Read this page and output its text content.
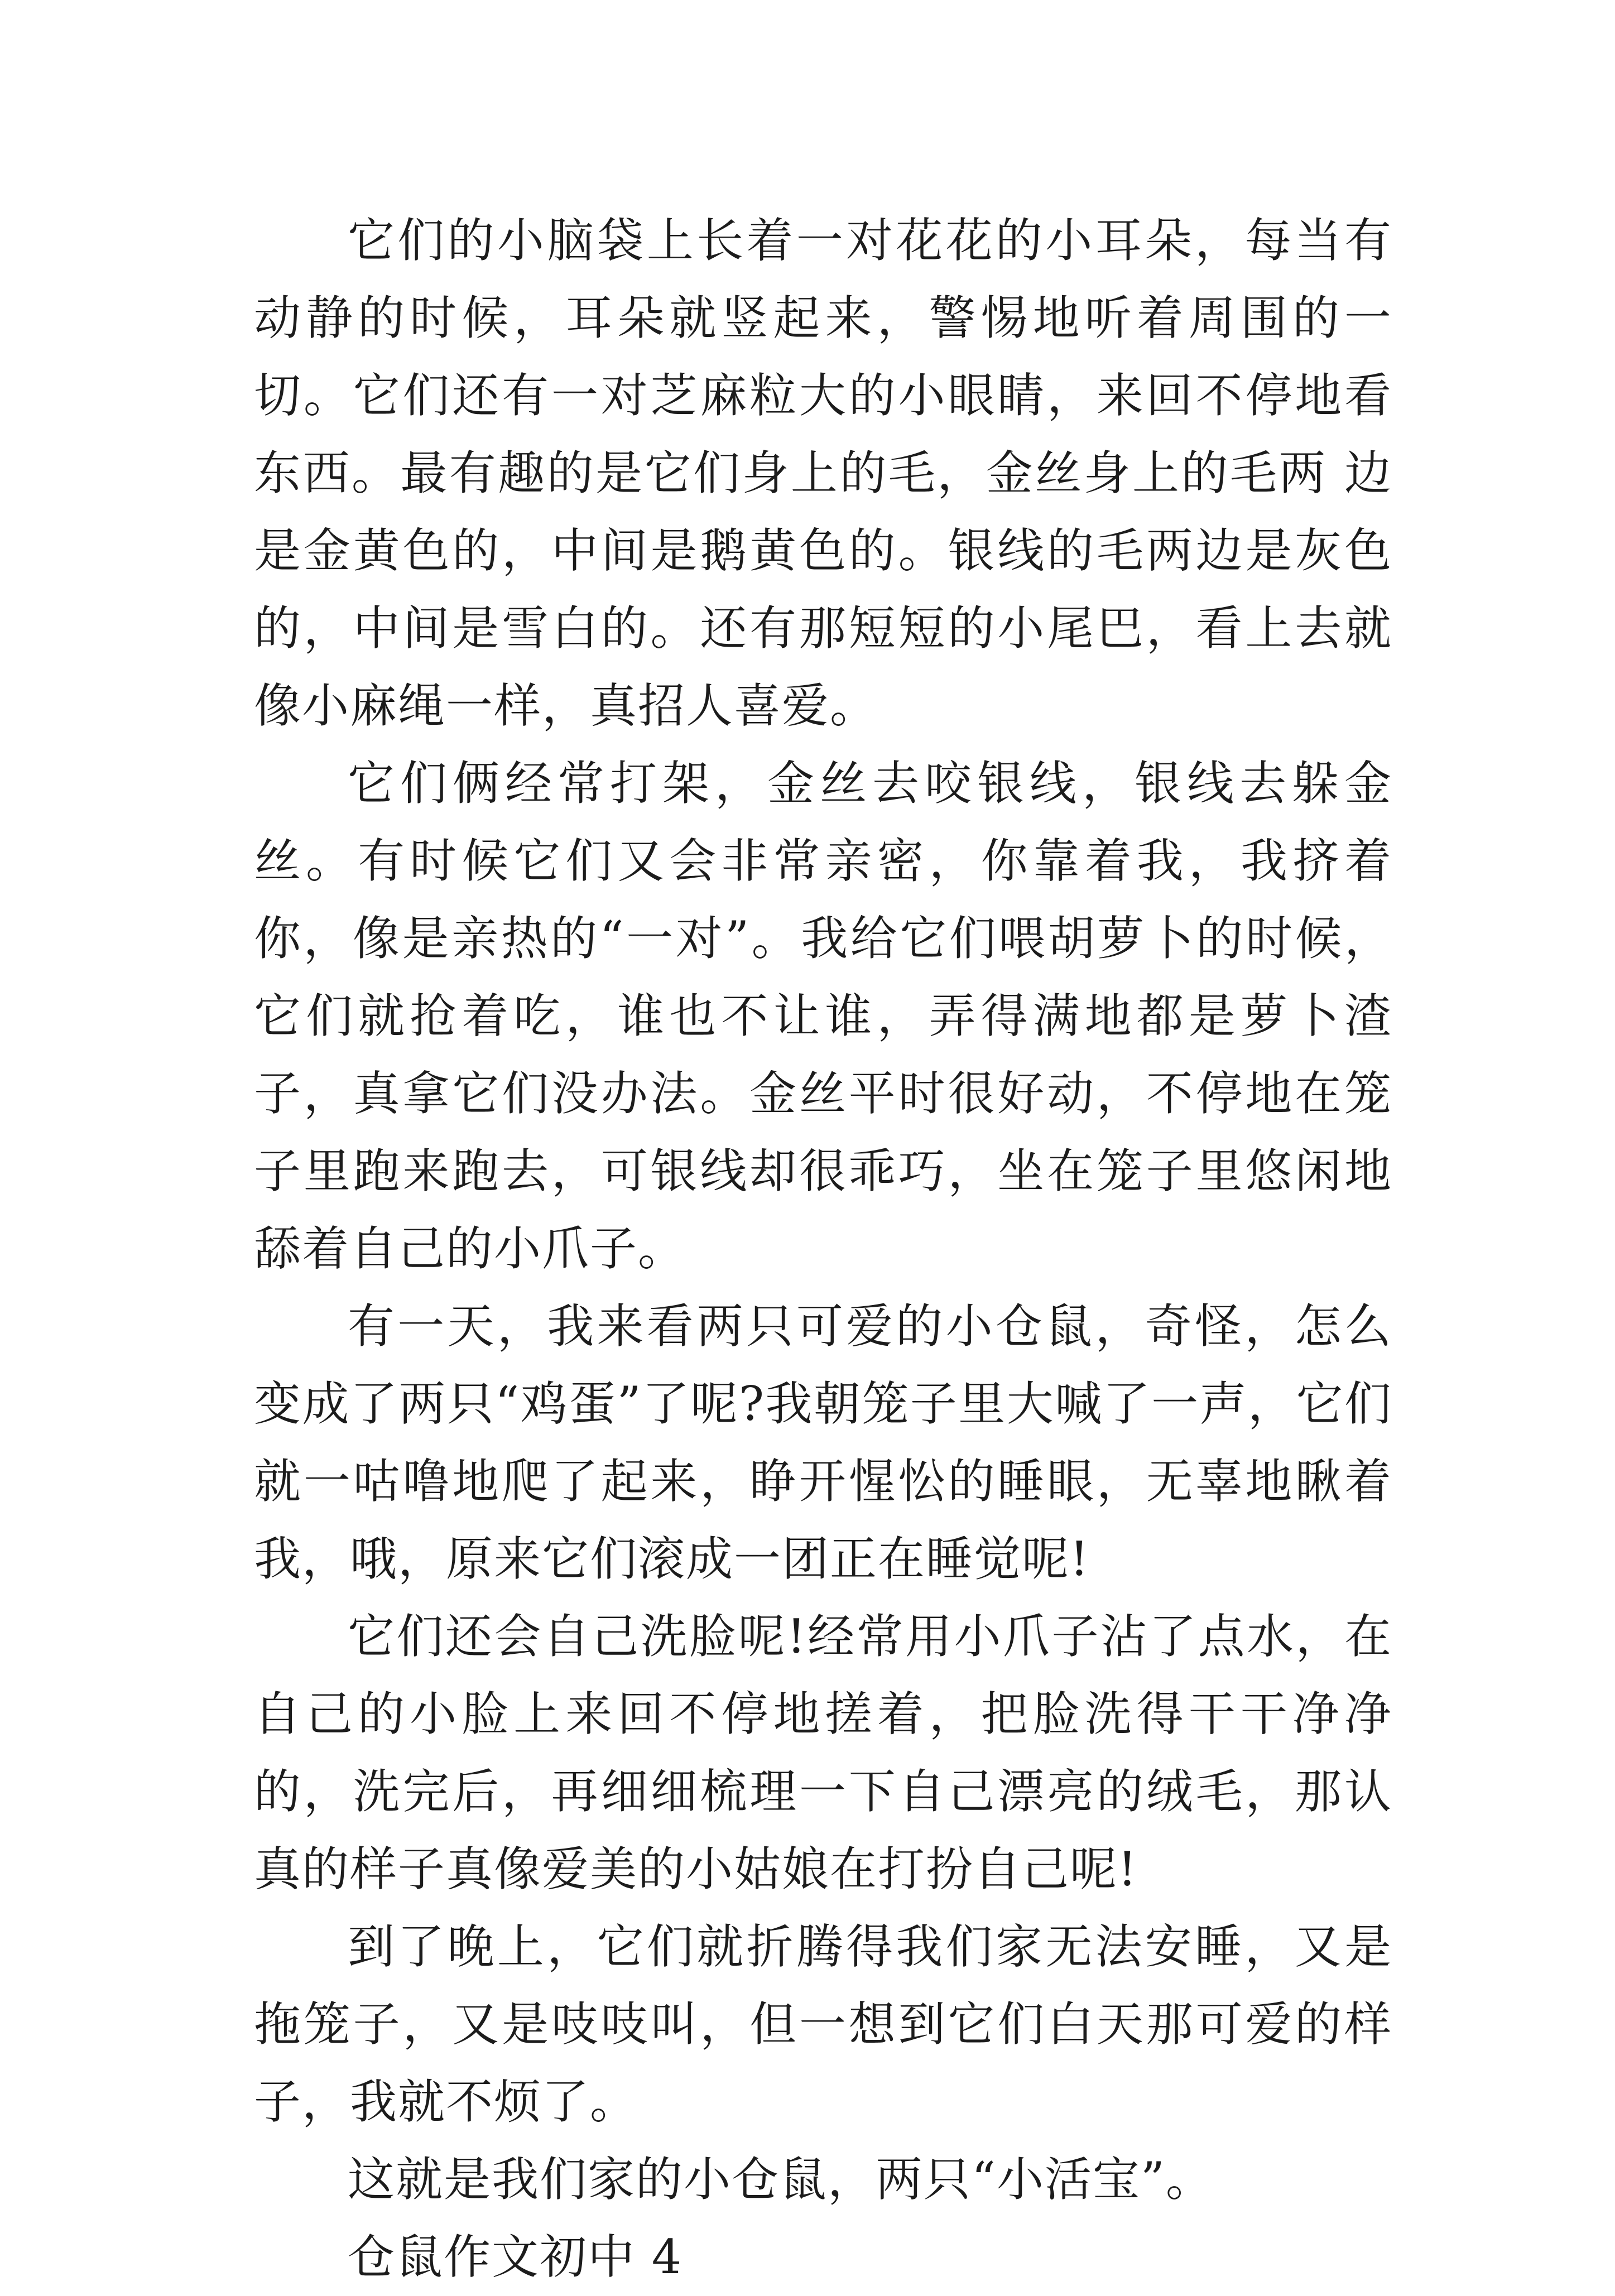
它们的小脑袋上长着一对花花的小耳朵，每当有动静的时候，耳朵就竖起来，警惕地听着周围的一切。它们还有一对芝麻粒大的小眼睛，来回不停地看东西。最有趣的是它们身上的毛，金丝身上的毛两 边是金黄色的，中间是鹅黄色的。银线的毛两边是灰色的，中间是雪白的。还有那短短的小尾巴，看上去就像小麻绳一样，真招人喜爱。

它们俩经常打架，金丝去咬银线，银线去躲金丝。有时候它们又会非常亲密，你靠着我，我挤着你，像是亲热的“一对”。我给它们喂胡萝卜的时候，它们就抢着吃，谁也不让谁，弄得满地都是萝卜渣 子，真拿它们没办法。金丝平时很好动，不停地在笼子里跑来跑去，可银线却很乖巧，坐在笼子里悠闲地舔着自己的小爪子。

有一天，我来看两只可爱的小仓鼠，奇怪，怎么变成了两只“鸡蛋”了呢?我朝笼子里大喊了一声，它们就一咕噜地爬了起来，睁开惺忪的睡眼，无辜地瞅着我，哦，原来它们滚成一团正在睡觉呢!

它们还会自己洗脸呢!经常用小爪子沾了点水，在自己的小脸上来回不停地搓着，把脸洗得干干净净的，洗完后，再细细梳理一下自己漂亮的绒毛，那认真的样子真像爱美的小姑娘在打扮自己呢!

到了晚上，它们就折腾得我们家无法安睡，又是拖笼子，又是吱吱叫，但一想到它们白天那可爱的样子，我就不烦了。

这就是我们家的小仓鼠，两只“小活宝”。

仓鼠作文初中 4
